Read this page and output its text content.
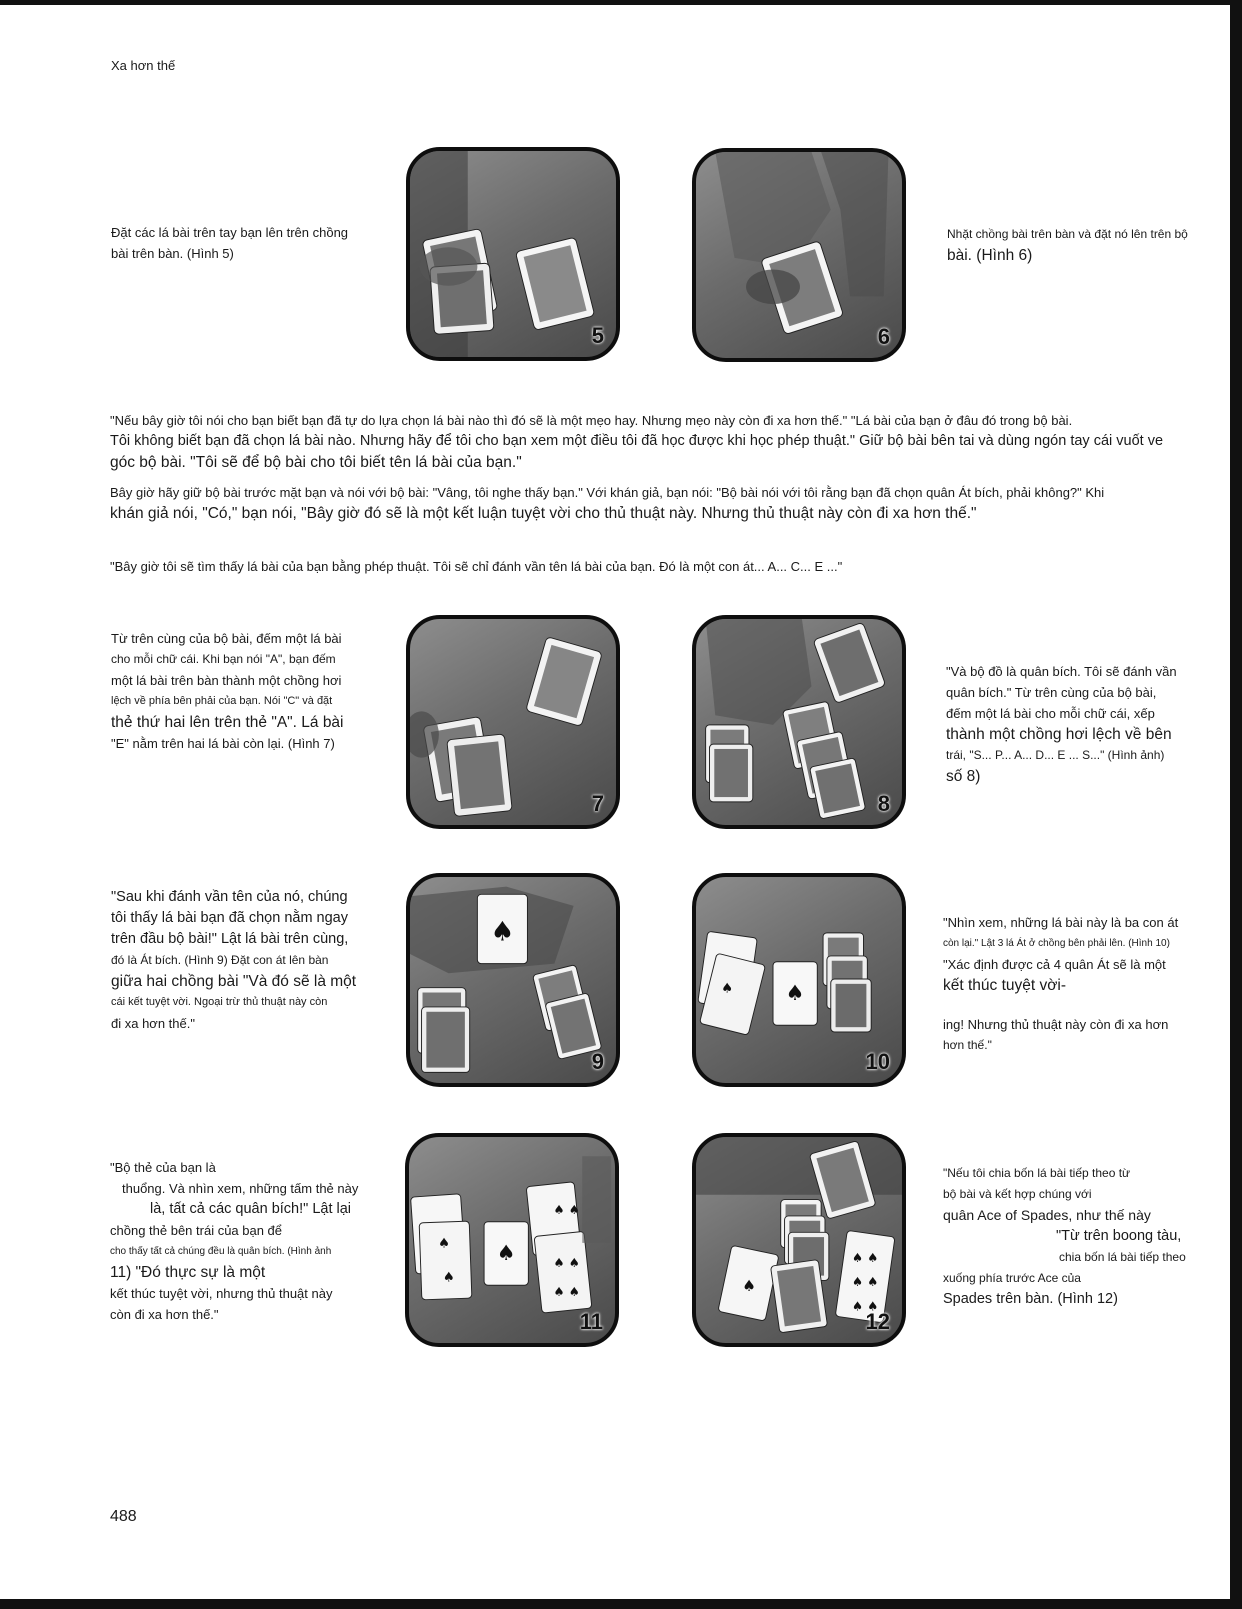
Xa hơn thế
Đặt các lá bài trên tay bạn lên trên chồng
bài trên bàn. (Hình 5)
5	6
Nhặt chồng bài trên bàn và đặt nó lên trên bộ
bài. (Hình 6)
"Nếu bây giờ tôi nói cho bạn biết bạn đã tự do lựa chọn lá bài nào thì đó sẽ là một mẹo hay. Nhưng mẹo này còn đi xa hơn thế." "Lá bài của bạn ở đâu đó trong bộ bài.
Tôi không biết bạn đã chọn lá bài nào. Nhưng hãy để tôi cho bạn xem một điều tôi đã học được khi học phép thuật." Giữ bộ bài bên tai và dùng ngón tay cái vuốt ve
góc bộ bài. "Tôi sẽ để bộ bài cho tôi biết tên lá bài của bạn."
Bây giờ hãy giữ bộ bài trước mặt bạn và nói với bộ bài: "Vâng, tôi nghe thấy bạn." Với khán giả, bạn nói: "Bộ bài nói với tôi rằng bạn đã chọn quân Át bích, phải không?" Khi
khán giả nói, "Có," bạn nói, "Bây giờ đó sẽ là một kết luận tuyệt vời cho thủ thuật này. Nhưng thủ thuật này còn đi xa hơn thế."
"Bây giờ tôi sẽ tìm thấy lá bài của bạn bằng phép thuật. Tôi sẽ chỉ đánh vần tên lá bài của bạn. Đó là một con át... A... C... E ..."
Từ trên cùng của bộ bài, đếm một lá bài
cho mỗi chữ cái. Khi bạn nói "A", bạn đếm
một lá bài trên bàn thành một chồng hơi
lệch về phía bên phải của bạn. Nói "C" và đặt
thẻ thứ hai lên trên thẻ "A". Lá bài
"E" nằm trên hai lá bài còn lại. (Hình 7)
7	8
"Và bộ đồ là quân bích. Tôi sẽ đánh vần
quân bích." Từ trên cùng của bộ bài,
đếm một lá bài cho mỗi chữ cái, xếp
thành một chồng hơi lệch về bên
trái, "S... P... A... D... E ... S..." (Hình ảnh)
số 8)
"Sau khi đánh vần tên của nó, chúng
tôi thấy lá bài bạn đã chọn nằm ngay
trên đầu bộ bài!" Lật lá bài trên cùng,
đó là Át bích. (Hình 9) Đặt con át lên bàn
giữa hai chồng bài "Và đó sẽ là một
cái kết tuyệt vời. Ngoại trừ thủ thuật này còn
đi xa hơn thế."
♠
9
♠ ♠
10
"Nhìn xem, những lá bài này là ba con át
còn lại." Lật 3 lá Át ở chồng bên phải lên. (Hình 10)
"Xác định được cả 4 quân Át sẽ là một
kết thúc tuyệt vời-
ing! Nhưng thủ thuật này còn đi xa hơn
hơn thế."
"Bộ thẻ của bạn là
thuổng. Và nhìn xem, những tấm thẻ này
là, tất cả các quân bích!" Lật lại
chồng thẻ bên trái của bạn để
cho thấy tất cả chúng đều là quân bích. (Hình ảnh
11) "Đó thực sự là một
kết thúc tuyệt vời, nhưng thủ thuật này
còn đi xa hơn thế."
♠
♠
♠
♠ ♠
♠ ♠
♠ ♠
11
♠
♠ ♠
♠ ♠
♠ ♠
12
"Nếu tôi chia bốn lá bài tiếp theo từ
bộ bài và kết hợp chúng với
quân Ace of Spades, như thế này
"Từ trên boong tàu,
chia bốn lá bài tiếp theo
xuống phía trước Ace của
Spades trên bàn. (Hình 12)
488
